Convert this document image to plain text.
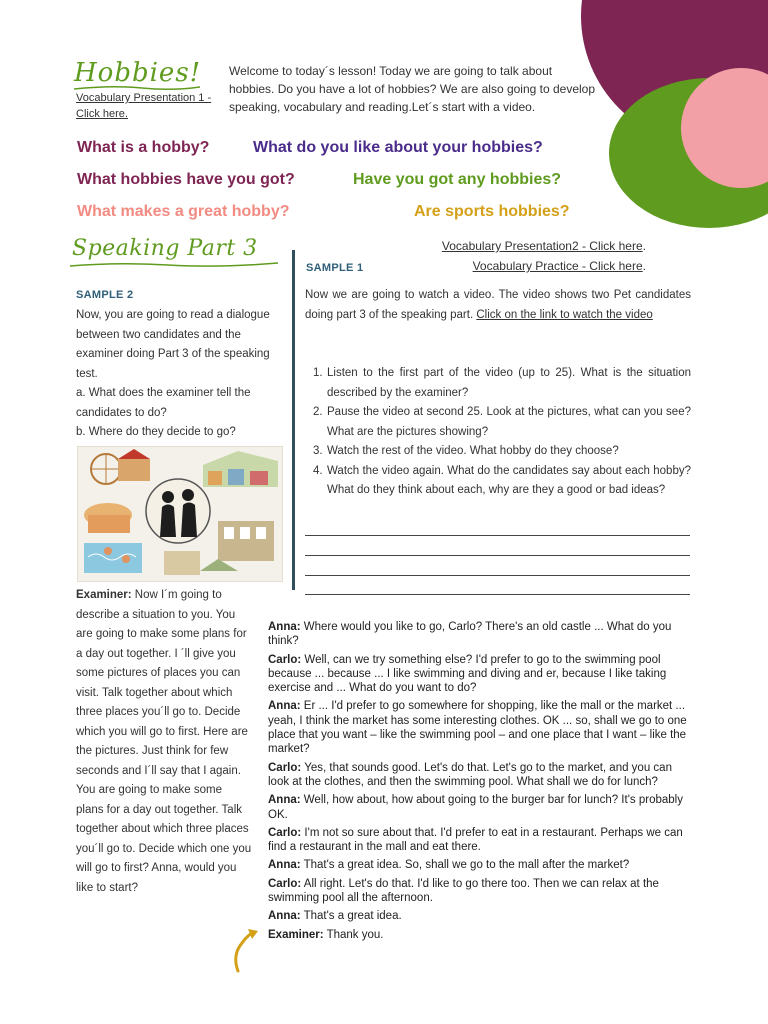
Hobbies!
Vocabulary Presentation 1 - Click here.
Welcome to today´s lesson! Today we are going to talk about hobbies. Do you have a lot of hobbies? We are also going to develop speaking, vocabulary and reading.Let´s start with a video.
What is a hobby?	What do you like about your hobbies?
What hobbies have you got?	Have you got any hobbies?
What makes a great hobby?	Are sports hobbies?
Speaking Part 3	Vocabulary Presentation2 - Click here.
Vocabulary Practice - Click here.
SAMPLE 1
SAMPLE 2
Now, you are going to read a dialogue between two candidates and the examiner doing Part 3 of the speaking test.
a. What does the examiner tell the candidates to do?
b. Where do they decide to go?
Now we are going to watch a video. The video shows two Pet candidates doing part 3 of the speaking part. Click on the link to watch the video
1. Listen to the first part of the video (up to 25). What is the situation described by the examiner?
2. Pause the video at second 25. Look at the pictures, what can you see? What are the pictures showing?
3. Watch the rest of the video. What hobby do they choose?
4. Watch the video again. What do the candidates say about each hobby? What do they think about each, why are they a good or bad ideas?
Examiner: Now I´m going to describe a situation to you. You are going to make some plans for a day out together. I ´ll give you some pictures of places you can visit. Talk together about which three places you´ll go to. Decide which you will go to first. Here are the pictures. Just think for few seconds and I´ll say that I again.
You are going to make some plans for a day out together. Talk together about which three places you´ll go to. Decide which one you will go to first? Anna, would you like to start?

Anna: Where would you like to go, Carlo? There's an old castle ... What do you think?

Carlo: Well, can we try something else? I'd prefer to go to the swimming pool because ... because ... I like swimming and diving and er, because I like taking exercise and ... What do you want to do?

Anna: Er ... I'd prefer to go somewhere for shopping, like the mall or the market ... yeah, I think the market has some interesting clothes. OK ... so, shall we go to one place that you want – like the swimming pool – and one place that I want – like the market?

Carlo: Yes, that sounds good. Let's do that. Let's go to the market, and you can look at the clothes, and then the swimming pool. What shall we do for lunch?

Anna: Well, how about, how about going to the burger bar for lunch? It's probably OK.

Carlo: I'm not so sure about that. I'd prefer to eat in a restaurant. Perhaps we can find a restaurant in the mall and eat there.

Anna: That's a great idea. So, shall we go to the mall after the market?

Carlo: All right. Let's do that. I'd like to go there too. Then we can relax at the swimming pool all the afternoon.

Anna: That's a great idea.

Examiner: Thank you.
